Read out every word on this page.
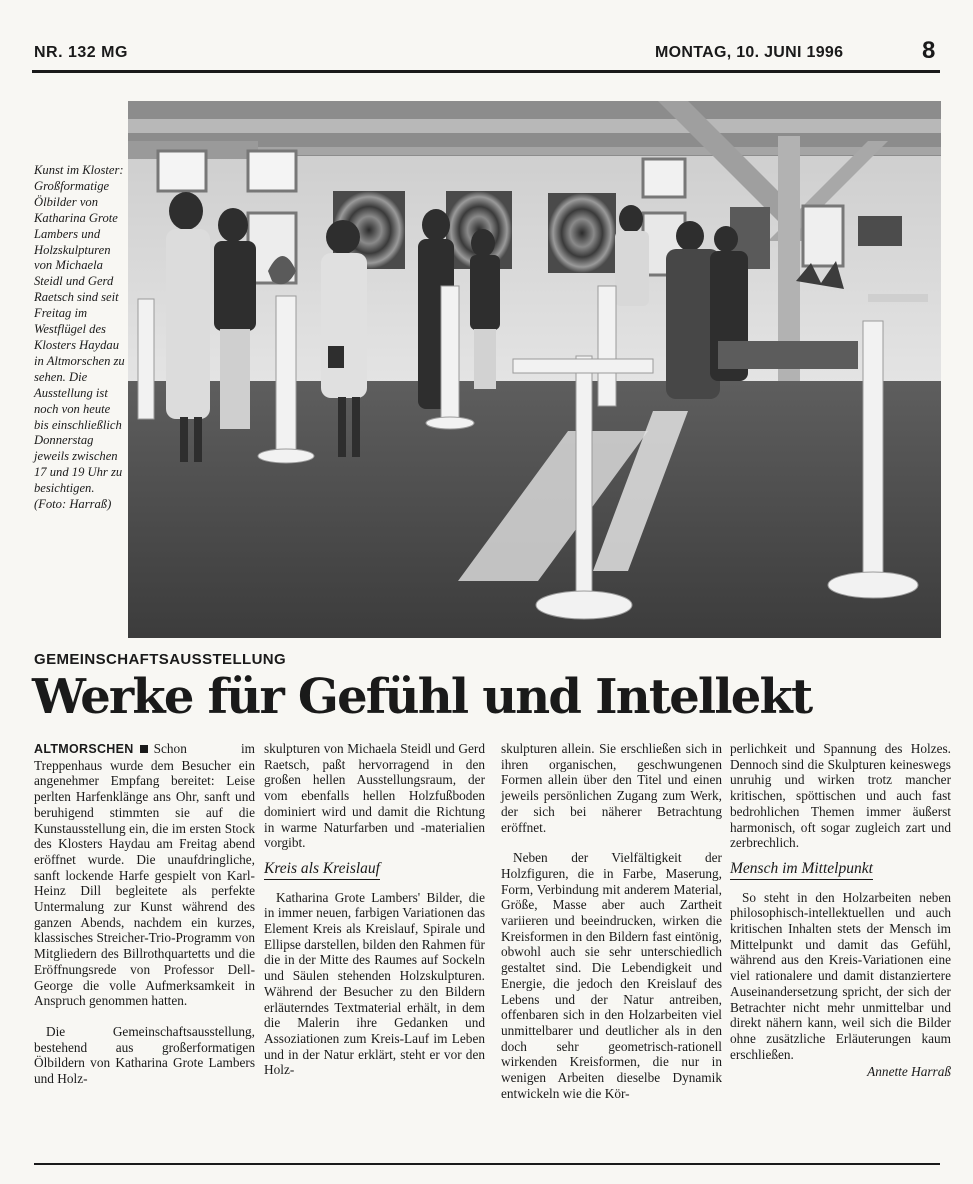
NR. 132 MG	MONTAG, 10. JUNI 1996	8
Kunst im Kloster: Großformatige Ölbilder von Katharina Grote Lambers und Holzskulpturen von Michaela Steidl und Gerd Raetsch sind seit Freitag im Westflügel des Klosters Haydau in Altmorschen zu sehen. Die Ausstellung ist noch von heute bis einschließlich Donnerstag jeweils zwischen 17 und 19 Uhr zu besichtigen. (Foto: Harraß)
GEMEINSCHAFTSAUSSTELLUNG
Werke für Gefühl und Intellekt

ALTMORSCHEN Schon im Treppenhaus wurde dem Besucher ein angenehmer Empfang bereitet: Leise perlten Harfenklänge ans Ohr, sanft und beruhigend stimmten sie auf die Kunstausstellung ein, die im ersten Stock des Klosters Haydau am Freitag abend eröffnet wurde. Die unaufdringliche, sanft lockende Harfe gespielt von Karl-Heinz Dill begleitete als perfekte Untermalung zur Kunst während des ganzen Abends, nachdem ein kurzes, klassisches Streicher-Trio-Programm von Mitgliedern des Billrothquartetts und die Eröffnungsrede von Professor Dell-George die volle Aufmerksamkeit in Anspruch genommen hatten.

Die Gemeinschaftsausstellung, bestehend aus großerformatigen Ölbildern von Katharina Grote Lambers und Holz-

skulpturen von Michaela Steidl und Gerd Raetsch, paßt hervorragend in den großen hellen Ausstellungsraum, der vom ebenfalls hellen Holzfußboden dominiert wird und damit die Richtung in warme Naturfarben und -materialien vorgibt.

Kreis als Kreislauf

Katharina Grote Lambers' Bilder, die in immer neuen, farbigen Variationen das Element Kreis als Kreislauf, Spirale und Ellipse darstellen, bilden den Rahmen für die in der Mitte des Raumes auf Sockeln und Säulen stehenden Holzskulpturen. Während der Besucher zu den Bildern erläuterndes Textmaterial erhält, in dem die Malerin ihre Gedanken und Assoziationen zum Kreis-Lauf im Leben und in der Natur erklärt, steht er vor den Holz-

skulpturen allein. Sie erschließen sich in ihren organischen, geschwungenen Formen allein über den Titel und einen jeweils persönlichen Zugang zum Werk, der sich bei näherer Betrachtung eröffnet.

Neben der Vielfältigkeit der Holzfiguren, die in Farbe, Maserung, Form, Verbindung mit anderem Material, Größe, Masse aber auch Zartheit variieren und beeindrucken, wirken die Kreisformen in den Bildern fast eintönig, obwohl auch sie sehr unterschiedlich gestaltet sind. Die Lebendigkeit und Energie, die jedoch den Kreislauf des Lebens und der Natur antreiben, offenbaren sich in den Holzarbeiten viel unmittelbarer und deutlicher als in den doch sehr geometrisch-rationell wirkenden Kreisformen, die nur in wenigen Arbeiten dieselbe Dynamik entwickeln wie die Kör-

perlichkeit und Spannung des Holzes. Dennoch sind die Skulpturen keineswegs unruhig und wirken trotz mancher kritischen, spöttischen und auch fast bedrohlichen Themen immer äußerst harmonisch, oft sogar zugleich zart und zerbrechlich.

Mensch im Mittelpunkt

So steht in den Holzarbeiten neben philosophisch-intellektuellen und auch kritischen Inhalten stets der Mensch im Mittelpunkt und damit das Gefühl, während aus den Kreis-Variationen eine viel rationalere und damit distanziertere Auseinandersetzung spricht, der sich der Betrachter nicht mehr unmittelbar und direkt nähern kann, weil sich die Bilder ohne zusätzliche Erläuterungen kaum erschließen.

Annette Harraß
